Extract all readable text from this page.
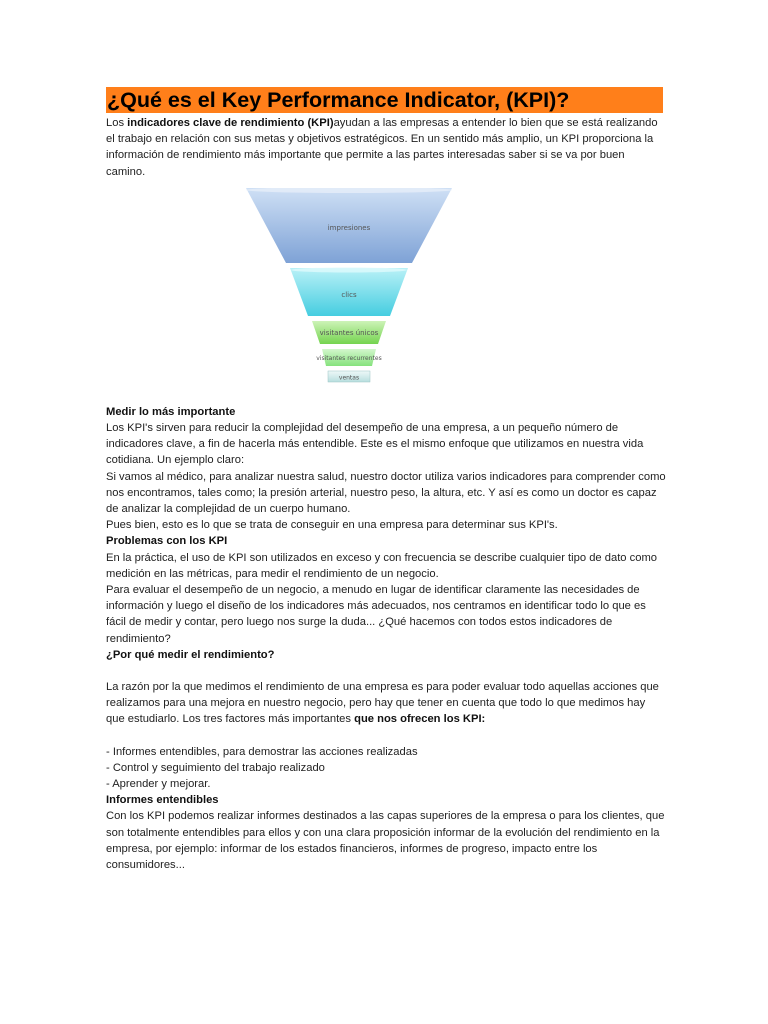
¿Qué es el Key Performance Indicator, (KPI)?

Los indicadores clave de rendimiento (KPI)ayudan a las empresas a entender lo bien que se está realizando el trabajo en relación con sus metas y objetivos estratégicos. En un sentido más amplio, un KPI proporciona la información de rendimiento más importante que permite a las partes interesadas saber si se va por buen camino.

impresiones
clics
visitantes únicos
visitantes recurrentes
ventas

Medir lo más importante

Los KPI's sirven para reducir la complejidad del desempeño de una empresa, a un pequeño número de indicadores clave, a fin de hacerla más entendible. Este es el mismo enfoque que utilizamos en nuestra vida cotidiana. Un ejemplo claro:

Si vamos al médico, para analizar nuestra salud, nuestro doctor utiliza varios indicadores para comprender como nos encontramos, tales como; la presión arterial, nuestro peso, la altura, etc. Y así es como un doctor es capaz de analizar la complejidad de un cuerpo humano.

Pues bien, esto es lo que se trata de conseguir en una empresa para determinar sus KPI's.

Problemas con los KPI

En la práctica, el uso de KPI son utilizados en exceso y con frecuencia se describe cualquier tipo de dato como medición en las métricas, para medir el rendimiento de un negocio.

Para evaluar el desempeño de un negocio, a menudo en lugar de identificar claramente las necesidades de información y luego el diseño de los indicadores más adecuados, nos centramos en identificar todo lo que es fácil de medir y contar, pero luego nos surge la duda... ¿Qué hacemos con todos estos indicadores de rendimiento?

¿Por qué medir el rendimiento?

La razón por la que medimos el rendimiento de una empresa es para poder evaluar todo aquellas acciones que realizamos para una mejora en nuestro negocio, pero hay que tener en cuenta que todo lo que medimos hay que estudiarlo. Los tres factores más importantes que nos ofrecen los KPI:

- Informes entendibles, para demostrar las acciones realizadas

- Control y seguimiento del trabajo realizado

- Aprender y mejorar.

Informes entendibles

Con los KPI podemos realizar informes destinados a las capas superiores de la empresa o para los clientes, que son totalmente entendibles para ellos y con una clara proposición informar de la evolución del rendimiento en la empresa, por ejemplo: informar de los estados financieros, informes de progreso, impacto entre los consumidores...
